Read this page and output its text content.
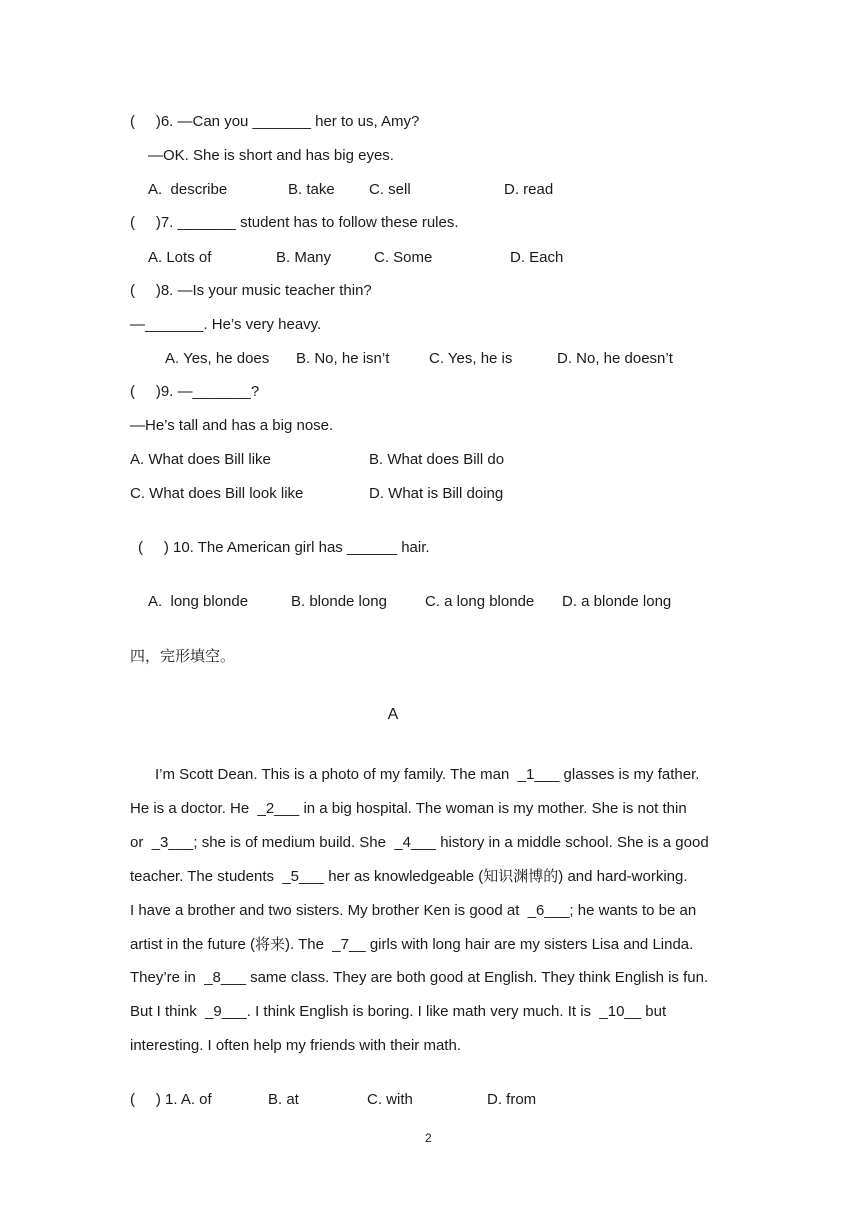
(     )6. —Can you _______ her to us, Amy?
—OK. She is short and has big eyes.
A.  describe	B. take C. sell	D. read
(     )7. _______ student has to follow these rules.
A. Lots of	B. Many	C. Some	D. Each
(     )8. —Is your music teacher thin?
—_______. He’s very heavy.
A. Yes, he does B. No, he isn’t	C. Yes, he is	D. No, he doesn’t
(     )9. —_______?
—He’s tall and has a big nose.
A. What does Bill like	B. What does Bill do
C. What does Bill look like	D. What is Bill doing
(     ) 10. The American girl has ______ hair.
A.  long blonde	B. blonde long	C. a long blonde D. a blonde long
四，完形填空。
A
I’m Scott Dean. This is a photo of my family. The man  _1___ glasses is my father.
He is a doctor. He  _2___ in a big hospital. The woman is my mother. She is not thin
or  _3___; she is of medium build. She  _4___ history in a middle school. She is a good
teacher. The students  _5___ her as knowledgeable (知识渊博的) and hard-working.
I have a brother and two sisters. My brother Ken is good at  _6___; he wants to be an
artist in the future (将来). The  _7__ girls with long hair are my sisters Lisa and Linda.
They’re in  _8___ same class. They are both good at English. They think English is fun.
But I think  _9___. I think English is boring. I like math very much. It is  _10__ but
interesting. I often help my friends with their math.
(     ) 1. A. of	B. at	C. with	D. from
2
